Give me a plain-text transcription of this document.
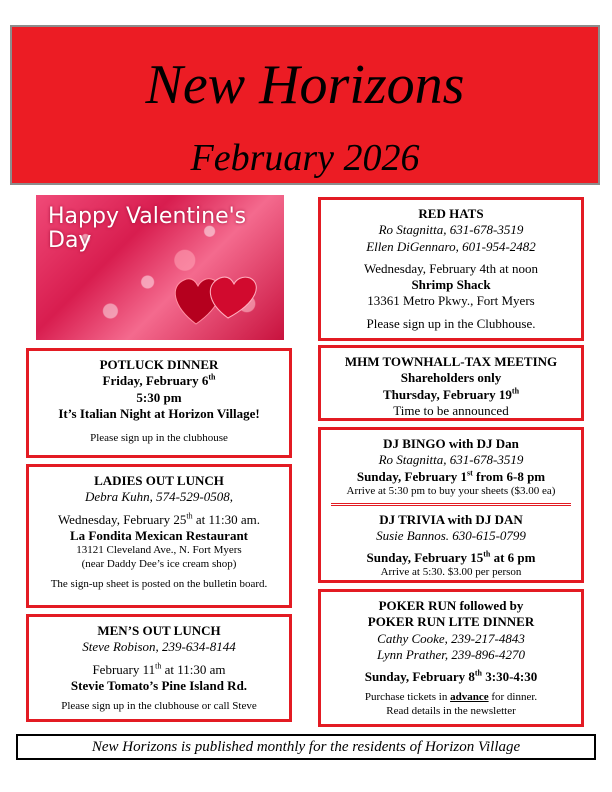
New Horizons
February 2026
Happy Valentine's
Day
RED HATS
Ro Stagnitta, 631-678-3519
Ellen DiGennaro, 601-954-2482
Wednesday, February 4th at noon
Shrimp Shack
13361 Metro Pkwy., Fort Myers
Please sign up in the Clubhouse.
POTLUCK DINNER
Friday, February 6th
5:30 pm
It’s Italian Night at Horizon Village!
Please sign up in the clubhouse
MHM TOWNHALL-TAX MEETING
Shareholders only
Thursday, February 19th
Time to be announced
LADIES OUT LUNCH
Debra Kuhn, 574-529-0508,
Wednesday, February 25th at 11:30 am.
La Fondita Mexican Restaurant
13121 Cleveland Ave., N. Fort Myers
(near Daddy Dee’s ice cream shop)
The sign-up sheet is posted on the bulletin board.
DJ BINGO with DJ Dan
Ro Stagnitta, 631-678-3519
Sunday, February 1st from 6-8 pm
Arrive at 5:30 pm to buy your sheets ($3.00 ea)
DJ TRIVIA with DJ DAN
Susie Bannos. 630-615-0799
Sunday, February 15th at 6 pm
Arrive at 5:30. $3.00 per person
MEN’S OUT LUNCH
Steve Robison, 239-634-8144
February 11th at 11:30 am
Stevie Tomato’s Pine Island Rd.
Please sign up in the clubhouse or call Steve
POKER RUN followed by
POKER RUN LITE DINNER
Cathy Cooke, 239-217-4843
Lynn Prather, 239-896-4270
Sunday, February 8th 3:30-4:30
Purchase tickets in advance for dinner.
Read details in the newsletter
New Horizons is published monthly for the residents of Horizon Village
